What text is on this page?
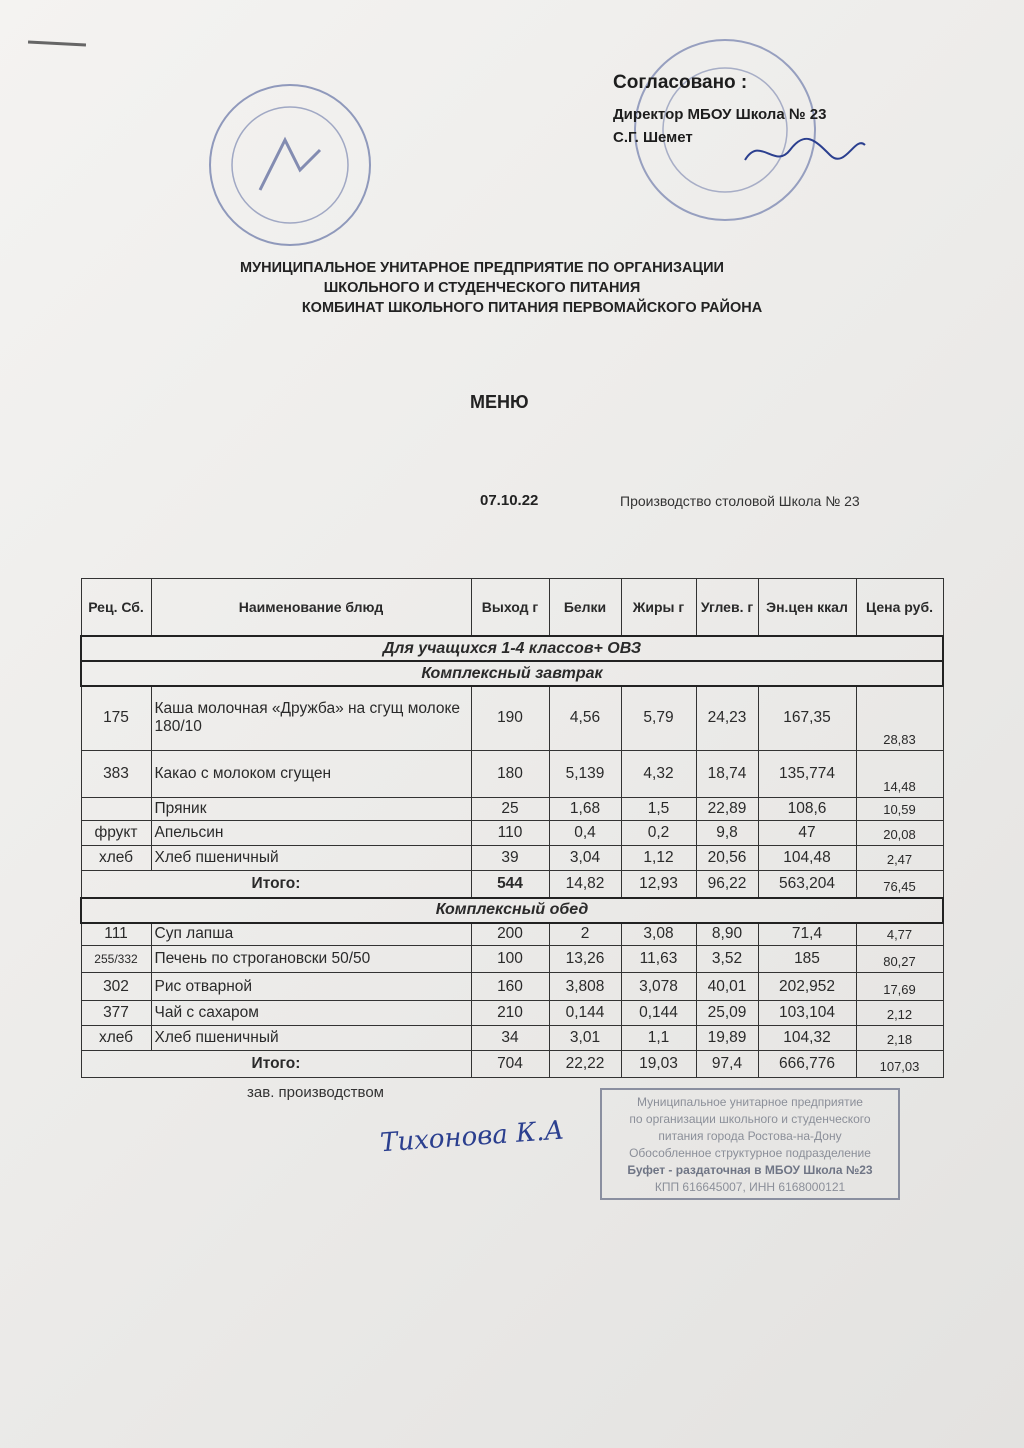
Согласовано :
Директор МБОУ Школа № 23
С.Г. Шемет
МУНИЦИПАЛЬНОЕ УНИТАРНОЕ ПРЕДПРИЯТИЕ ПО ОРГАНИЗАЦИИ
ШКОЛЬНОГО И СТУДЕНЧЕСКОГО ПИТАНИЯ
КОМБИНАТ ШКОЛЬНОГО ПИТАНИЯ ПЕРВОМАЙСКОГО РАЙОНА
МЕНЮ
07.10.22	Производство столовой Школа № 23
Рец. Сб.	Наименование блюд	Выход г	Белки	Жиры г	Углев. г	Эн.цен ккал	Цена руб.
Для учащихся 1-4 классов+ ОВЗ							
Комплексный завтрак							
175	Каша молочная «Дружба» на сгущ молоке 180/10	190	4,56	5,79	24,23	167,35	28,83
383	Какао с молоком сгущен	180	5,139	4,32	18,74	135,774	14,48
	Пряник	25	1,68	1,5	22,89	108,6	10,59
фрукт	Апельсин	110	0,4	0,2	9,8	47	20,08
хлеб	Хлеб пшеничный	39	3,04	1,12	20,56	104,48	2,47
Итого:		544	14,82	12,93	96,22	563,204	76,45
Комплексный обед							
111	Суп лапша	200	2	3,08	8,90	71,4	4,77
255/332	Печень по строгановски 50/50	100	13,26	11,63	3,52	185	80,27
302	Рис отварной	160	3,808	3,078	40,01	202,952	17,69
377	Чай с сахаром	210	0,144	0,144	25,09	103,104	2,12
хлеб	Хлеб пшеничный	34	3,01	1,1	19,89	104,32	2,18
Итого:		704	22,22	19,03	97,4	666,776	107,03
зав. производством
Тихонова К.А
Муниципальное унитарное предприятие
по организации школьного и студенческого
питания города Ростова-на-Дону
Обособленное структурное подразделение
Буфет - раздаточная в МБОУ Школа №23
КПП 616645007, ИНН 6168000121
